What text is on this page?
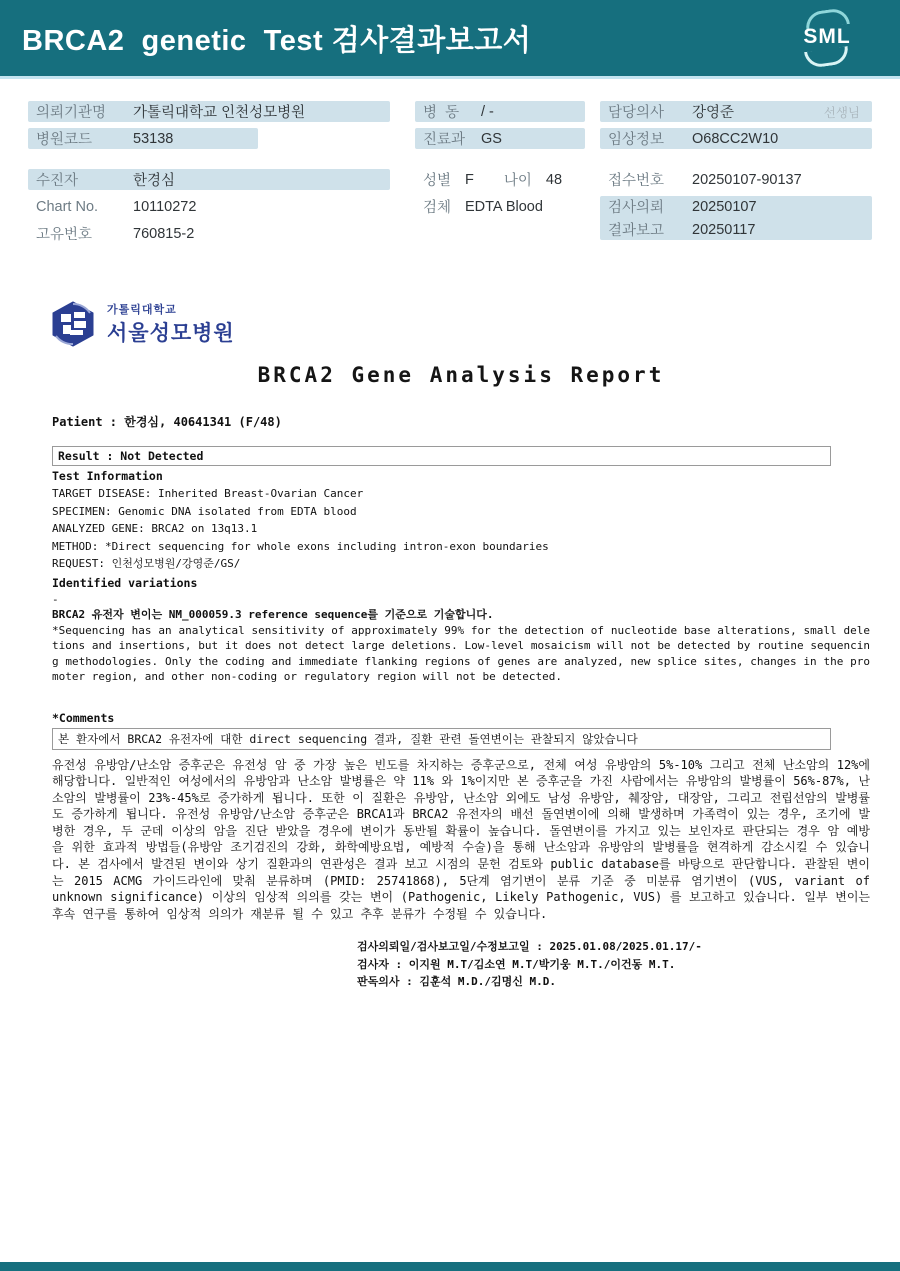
BRCA2  genetic  Test 검사결과보고서	SML
의뢰기관명	가톨릭대학교 인천성모병원
병원코드	53138
수진자	한경심
Chart No.	10110272
고유번호	760815-2
병  동	/ -
진료과	GS
성별 F 나이 48
검체 EDTA Blood
담당의사	강영준	선생님
임상정보	O68CC2W10
접수번호	20250107-90137
검사의뢰	20250107
결과보고	20250117
가톨릭대학교
서울성모병원
BRCA2 Gene Analysis Report
Patient : 한경심, 40641341 (F/48)
Result : Not Detected
Test Information
TARGET DISEASE: Inherited Breast-Ovarian Cancer
SPECIMEN: Genomic DNA isolated from EDTA blood
ANALYZED GENE: BRCA2 on 13q13.1
METHOD: *Direct sequencing for whole exons including intron-exon boundaries
REQUEST: 인천성모병원/강영준/GS/
Identified variations
-
BRCA2 유전자 변이는 NM_000059.3 reference sequence를 기준으로 기술합니다.
*Sequencing has an analytical sensitivity of approximately 99% for the detection of nucleotide base alterations, small deletions and insertions, but it does not detect large deletions. Low-level mosaicism will not be detected by routine sequencing methodologies. Only the coding and immediate flanking regions of genes are analyzed, new splice sites, changes in the promoter region, and other non-coding or regulatory region will not be detected.
*Comments
본 환자에서 BRCA2 유전자에 대한 direct sequencing 결과, 질환 관련 돌연변이는 관찰되지 않았습니다
유전성 유방암/난소암 증후군은 유전성 암 중 가장 높은 빈도를 차지하는 증후군으로, 전체 여성 유방암의 5%-10% 그리고 전체 난소암의 12%에 해당합니다. 일반적인 여성에서의 유방암과 난소암 발병률은 약 11% 와 1%이지만 본 증후군을 가진 사람에서는 유방암의 발병률이 56%-87%, 난소암의 발병률이 23%-45%로 증가하게 됩니다. 또한 이 질환은 유방암, 난소암 외에도 남성 유방암, 췌장암, 대장암, 그리고 전립선암의 발병률도 증가하게 됩니다. 유전성 유방암/난소암 증후군은 BRCA1과 BRCA2 유전자의 배선 돌연변이에 의해 발생하며 가족력이 있는 경우, 조기에 발병한 경우, 두 군데 이상의 암을 진단 받았을 경우에 변이가 동반될 확률이 높습니다. 돌연변이를 가지고 있는 보인자로 판단되는 경우 암 예방을 위한 효과적 방법들(유방암 조기검진의 강화, 화학예방요법, 예방적 수술)을 통해 난소암과 유방암의 발병률을 현격하게 감소시킬 수 있습니다. 본 검사에서 발견된 변이와 상기 질환과의 연관성은 결과 보고 시점의 문헌 검토와 public database를 바탕으로 판단합니다. 관찰된 변이는 2015 ACMG 가이드라인에 맞춰 분류하며 (PMID: 25741868), 5단계 염기변이 분류 기준 중 미분류 염기변이 (VUS, variant of unknown significance) 이상의 임상적 의의를 갖는 변이 (Pathogenic, Likely Pathogenic, VUS) 를 보고하고 있습니다. 일부 변이는 후속 연구를 통하여 임상적 의의가 재분류 될 수 있고 추후 분류가 수정될 수 있습니다.
검사의뢰일/검사보고일/수정보고일 : 2025.01.08/2025.01.17/-
검사자 : 이지원 M.T/김소연 M.T/박기웅 M.T./이건동 M.T.
판독의사 : 김훈석 M.D./김명신 M.D.
